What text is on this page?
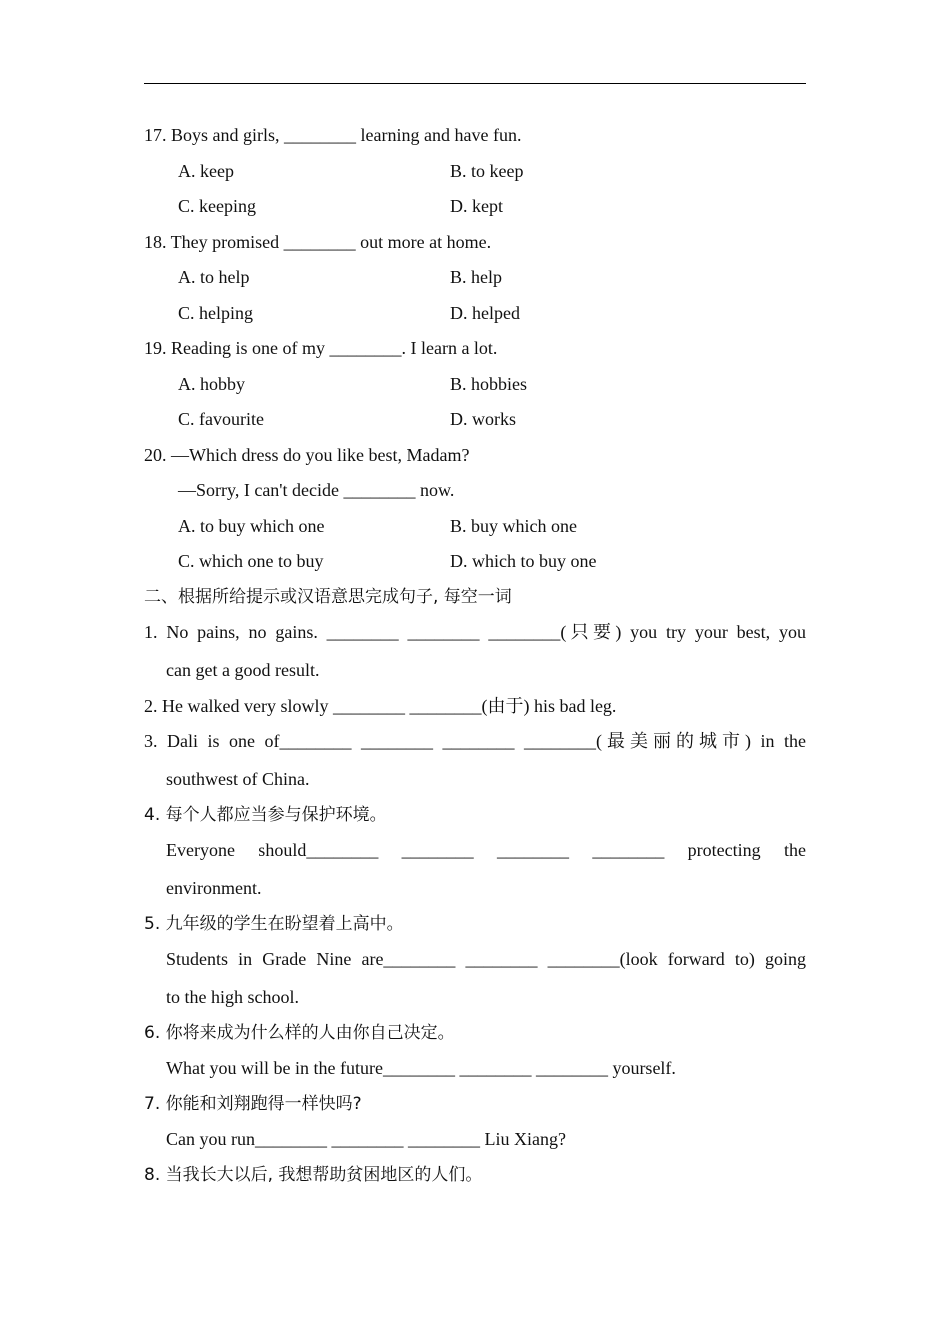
17. Boys and girls, ________ learning and have fun.
A. keep	B. to keep
C. keeping	D. kept
18. They promised ________ out more at home.
A. to help	B. help
C. helping	D. helped
19. Reading is one of my ________. I learn a lot.
A. hobby	B. hobbies
C. favourite	D. works
20. —Which dress do you like best, Madam?
—Sorry, I can't decide ________ now.
A. to buy which one	B. buy which one
C. which one to buy	D. which to buy one
二、根据所给提示或汉语意思完成句子, 每空一词
1. No pains, no gains. ________ ________ ________(只要) you try your best, you
can get a good result.
2. He walked very slowly ________ ________(由于) his bad leg.
3. Dali is one of________ ________ ________ ________(最美丽的城市) in the
southwest of China.
4. 每个人都应当参与保护环境。
Everyone should________ ________ ________ ________ protecting the
environment.
5. 九年级的学生在盼望着上高中。
Students in Grade Nine are________ ________ ________(look forward to) going
to the high school.
6. 你将来成为什么样的人由你自己决定。
What you will be in the future________ ________ ________ yourself.
7. 你能和刘翔跑得一样快吗?
Can you run________ ________ ________ Liu Xiang?
8. 当我长大以后, 我想帮助贫困地区的人们。
